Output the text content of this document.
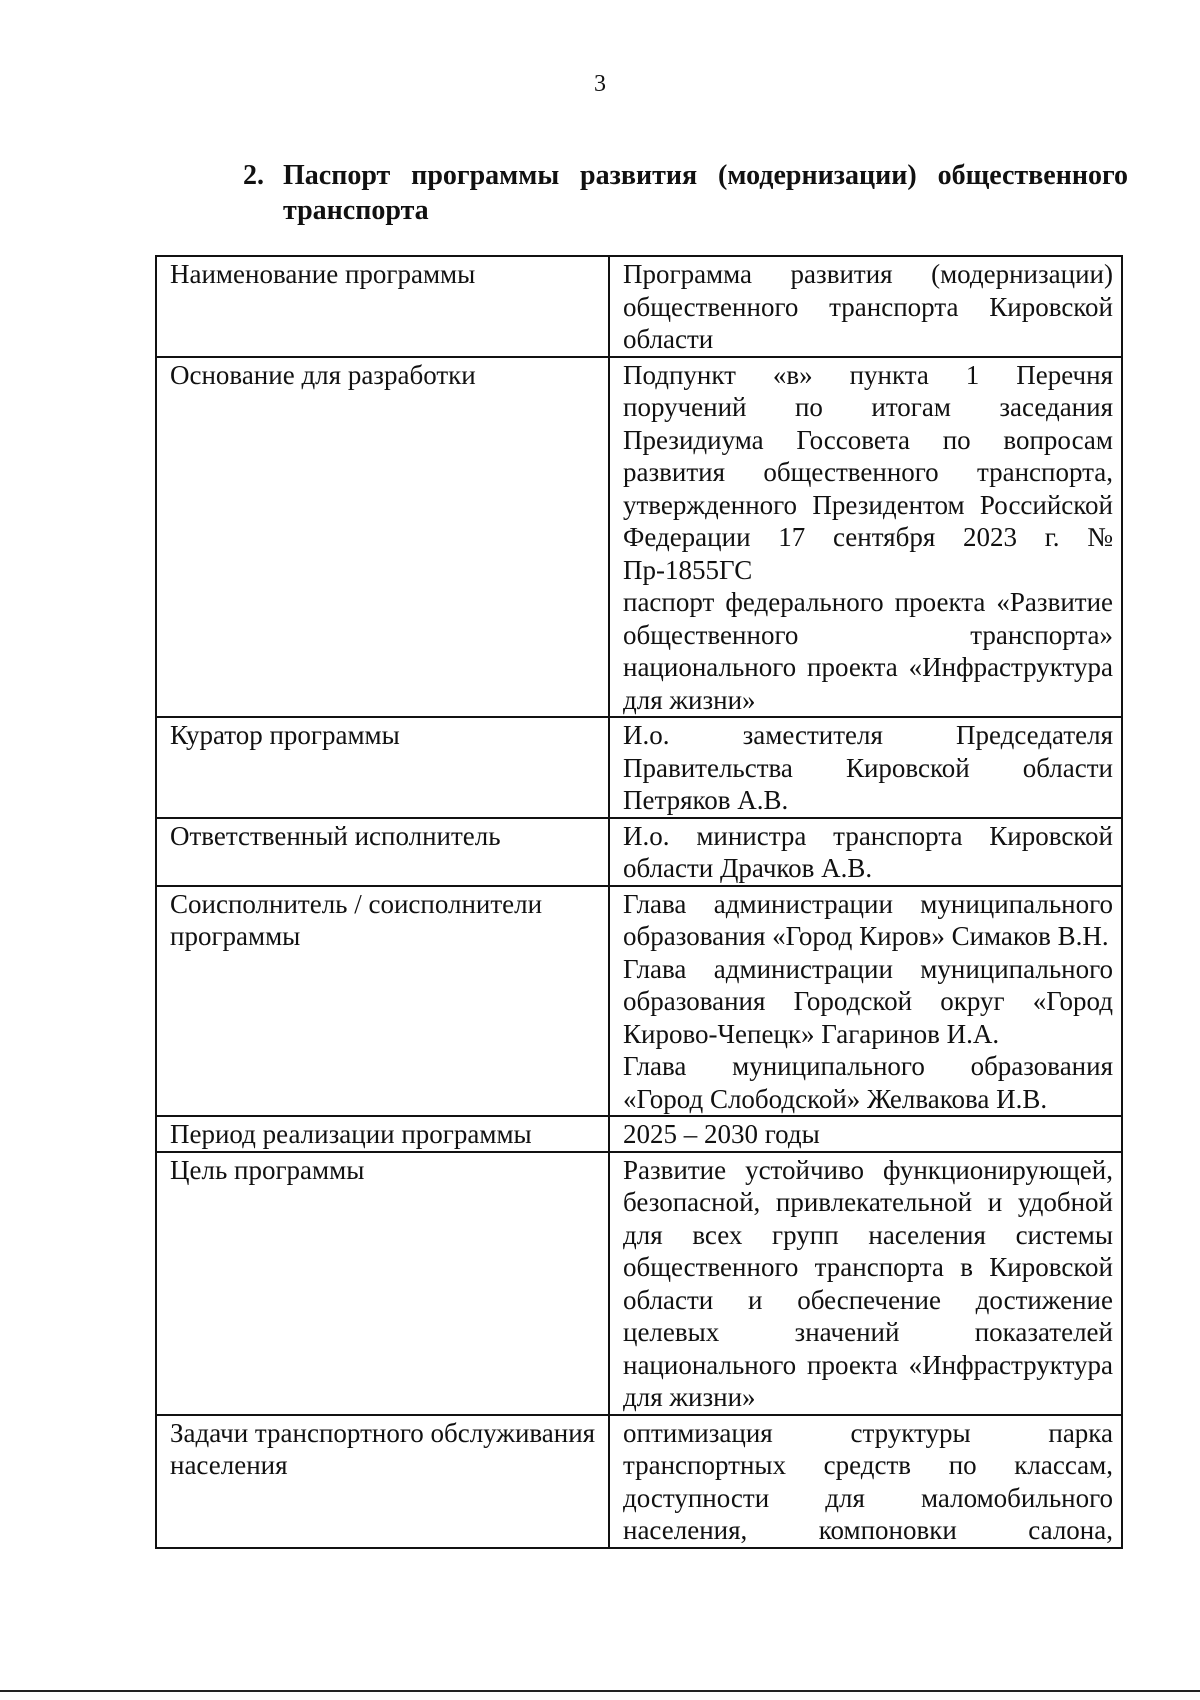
3
2. Паспорт программы развития (модернизации) общественного
транспорта
Наименование программы	Программа развития (модернизации) общественного транспорта Кировской области

Основание для разработки	Подпункт «в» пункта 1 Перечня поручений по итогам заседания Президиума Госсовета по вопросам развития общественного транспорта, утвержденного Президентом Российской Федерации 17 сентября 2023 г. № Пр-1855ГС

паспорт федерального проекта «Развитие общественного транспорта» национального проекта «Инфраструктура для жизни»

Куратор программы	И.о. заместителя Председателя Правительства Кировской области Петряков А.В.

Ответственный исполнитель	И.о. министра транспорта Кировской области Драчков А.В.

Соисполнитель / соисполнители программы	Глава администрации муниципального образования «Город Киров» Симаков В.Н.

Глава администрации муниципального образования Городской округ «Город Кирово-Чепецк» Гагаринов И.А.

Глава муниципального образования «Город Слободской» Желвакова И.В.

Период реализации программы	2025 – 2030 годы

Цель программы	Развитие устойчиво функционирующей, безопасной, привлекательной и удобной для всех групп населения системы общественного транспорта в Кировской области и обеспечение достижение целевых значений показателей национального проекта «Инфраструктура для жизни»

Задачи транспортного обслуживания населения	оптимизация структуры парка транспортных средств по классам, доступности для маломобильного населения, компоновки салона,
